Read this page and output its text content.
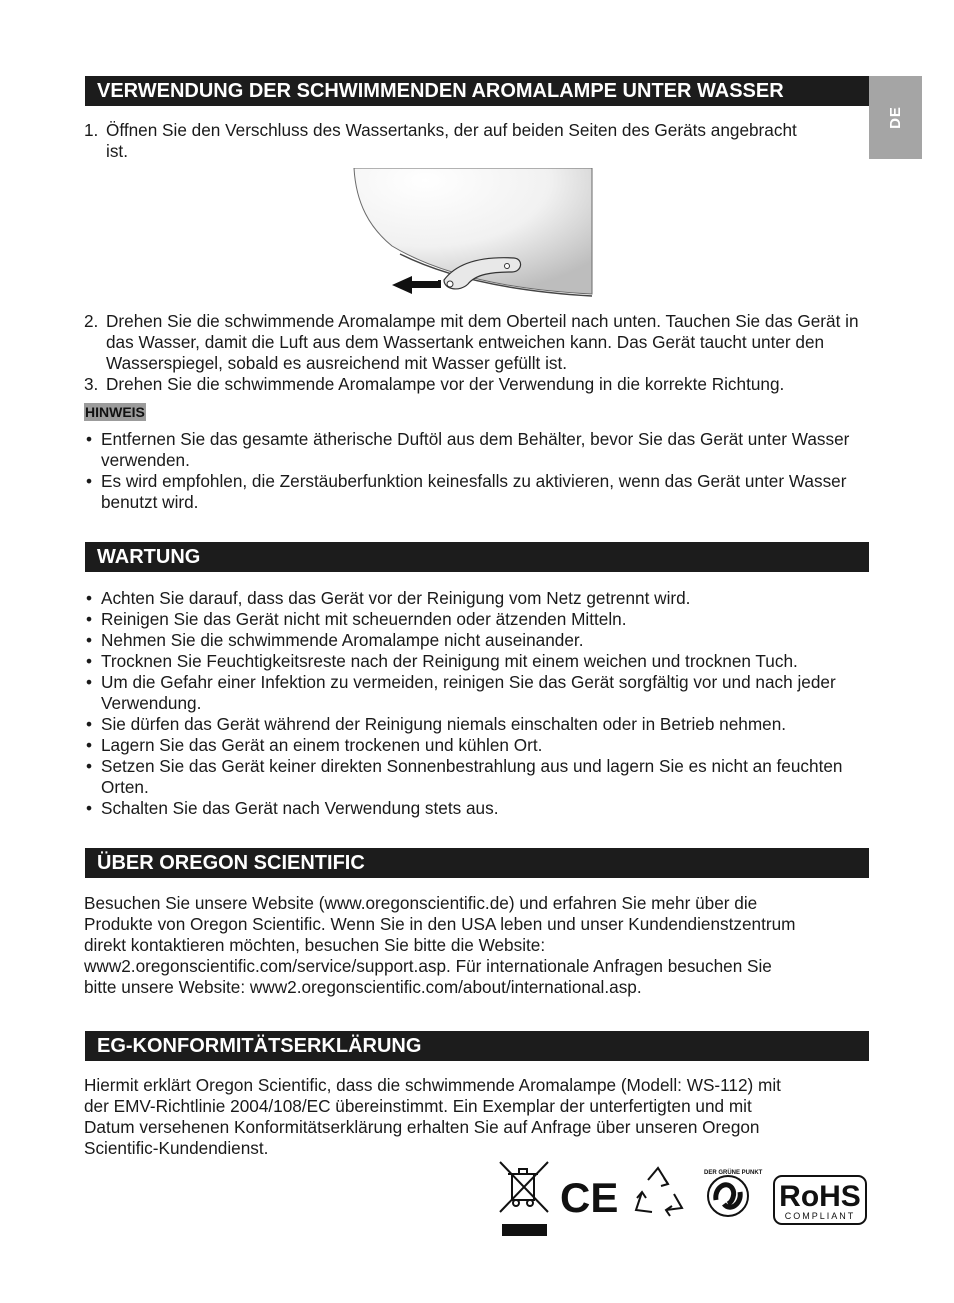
DE
VERWENDUNG DER SCHWIMMENDEN AROMALAMPE UNTER WASSER
1. Öffnen Sie den Verschluss des Wassertanks, der auf beiden Seiten des Geräts angebracht ist.
2. Drehen Sie die schwimmende Aromalampe mit dem Oberteil nach unten. Tauchen Sie das Gerät in das Wasser, damit die Luft aus dem Wassertank entweichen kann. Das Gerät taucht unter den Wasserspiegel, sobald es ausreichend mit Wasser gefüllt ist.
3. Drehen Sie die schwimmende Aromalampe vor der Verwendung in die korrekte Richtung.
HINWEIS
• Entfernen Sie das gesamte ätherische Duftöl aus dem Behälter, bevor Sie das Gerät unter Wasser verwenden.
• Es wird empfohlen, die Zerstäuberfunktion keinesfalls zu aktivieren, wenn das Gerät unter Wasser benutzt wird.
WARTUNG
• Achten Sie darauf, dass das Gerät vor der Reinigung vom Netz getrennt wird.
• Reinigen Sie das Gerät nicht mit scheuernden oder ätzenden Mitteln.
• Nehmen Sie die schwimmende Aromalampe nicht auseinander.
• Trocknen Sie Feuchtigkeitsreste nach der Reinigung mit einem weichen und trocknen Tuch.
• Um die Gefahr einer Infektion zu vermeiden, reinigen Sie das Gerät sorgfältig vor und nach jeder Verwendung.
• Sie dürfen das Gerät während der Reinigung niemals einschalten oder in Betrieb nehmen.
• Lagern Sie das Gerät an einem trockenen und kühlen Ort.
• Setzen Sie das Gerät keiner direkten Sonnenbestrahlung aus und lagern Sie es nicht an feuchten Orten.
• Schalten Sie das Gerät nach Verwendung stets aus.
ÜBER OREGON SCIENTIFIC
Besuchen Sie unsere Website (www.oregonscientific.de) und erfahren Sie mehr über die
Produkte von Oregon Scientific. Wenn Sie in den USA leben und unser Kundendienstzentrum
direkt kontaktieren möchten, besuchen Sie bitte die Website:
www2.oregonscientific.com/service/support.asp. Für internationale Anfragen besuchen Sie
bitte unsere Website: www2.oregonscientific.com/about/international.asp.
EG-KONFORMITÄTSERKLÄRUNG
Hiermit erklärt Oregon Scientific, dass die schwimmende Aromalampe (Modell: WS-112) mit
der EMV-Richtlinie 2004/108/EC übereinstimmt. Ein Exemplar der unterfertigten und mit
Datum versehenen Konformitätserklärung erhalten Sie auf Anfrage über unseren Oregon
Scientific-Kundendienst.
CE
DER GRÜNE PUNKT
RoHS
COMPLIANT
